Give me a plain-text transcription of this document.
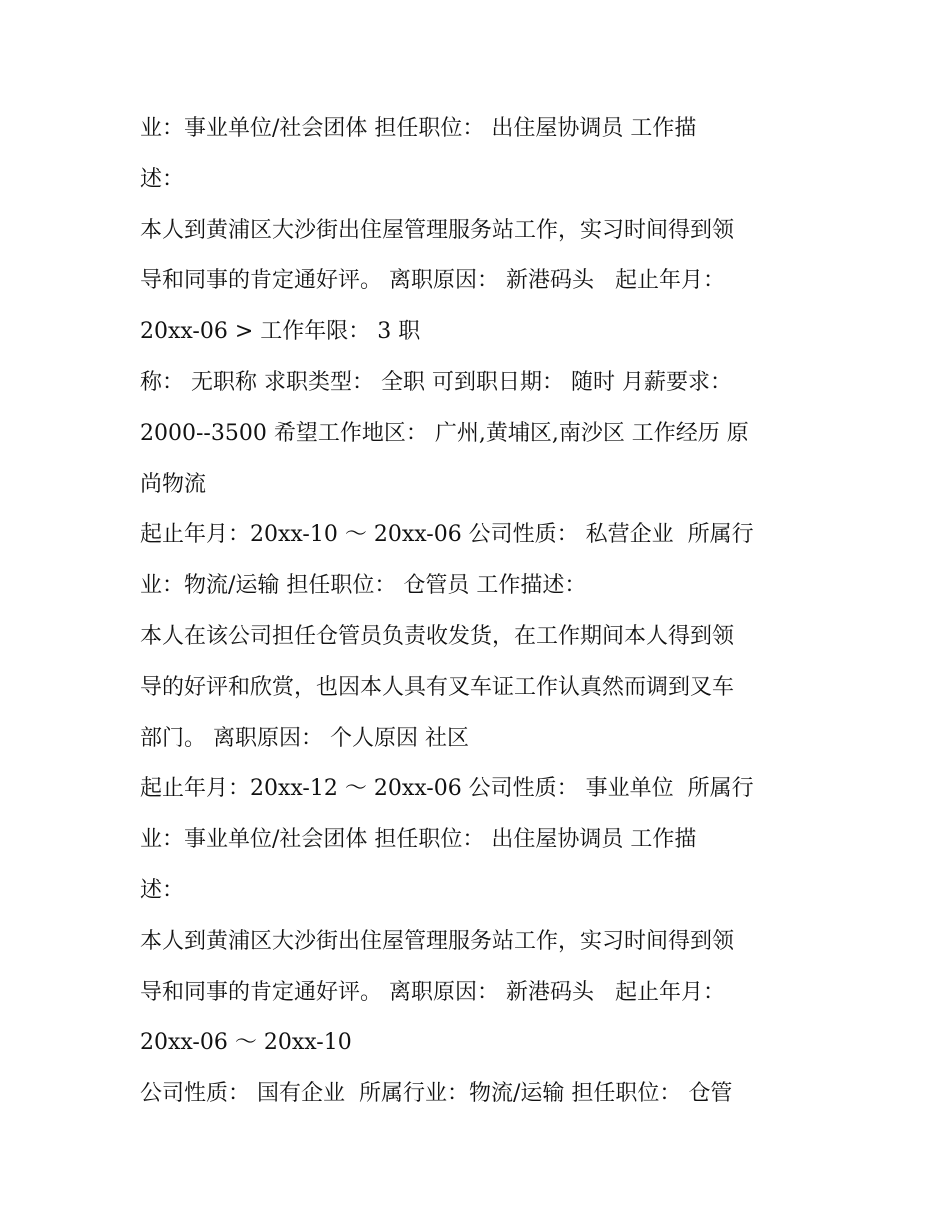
业：事业单位/社会团体 担任职位： 出住屋协调员 工作描
述：
本人到黄浦区大沙街出住屋管理服务站工作，实习时间得到领
导和同事的肯定通好评。 离职原因： 新港码头   起止年月：
20xx-06 > 工作年限： 3 职
称： 无职称 求职类型： 全职 可到职日期： 随时 月薪要求：
2000--3500 希望工作地区： 广州,黄埔区,南沙区 工作经历 原
尚物流
起止年月：20xx-10 ～ 20xx-06 公司性质： 私营企业  所属行
业：物流/运输 担任职位： 仓管员 工作描述：
本人在该公司担任仓管员负责收发货，在工作期间本人得到领
导的好评和欣赏，也因本人具有叉车证工作认真然而调到叉车
部门。 离职原因： 个人原因 社区
起止年月：20xx-12 ～ 20xx-06 公司性质： 事业单位  所属行
业：事业单位/社会团体 担任职位： 出住屋协调员 工作描
述：
本人到黄浦区大沙街出住屋管理服务站工作，实习时间得到领
导和同事的肯定通好评。 离职原因： 新港码头   起止年月：
20xx-06 ～ 20xx-10
公司性质： 国有企业  所属行业：物流/运输 担任职位： 仓管
